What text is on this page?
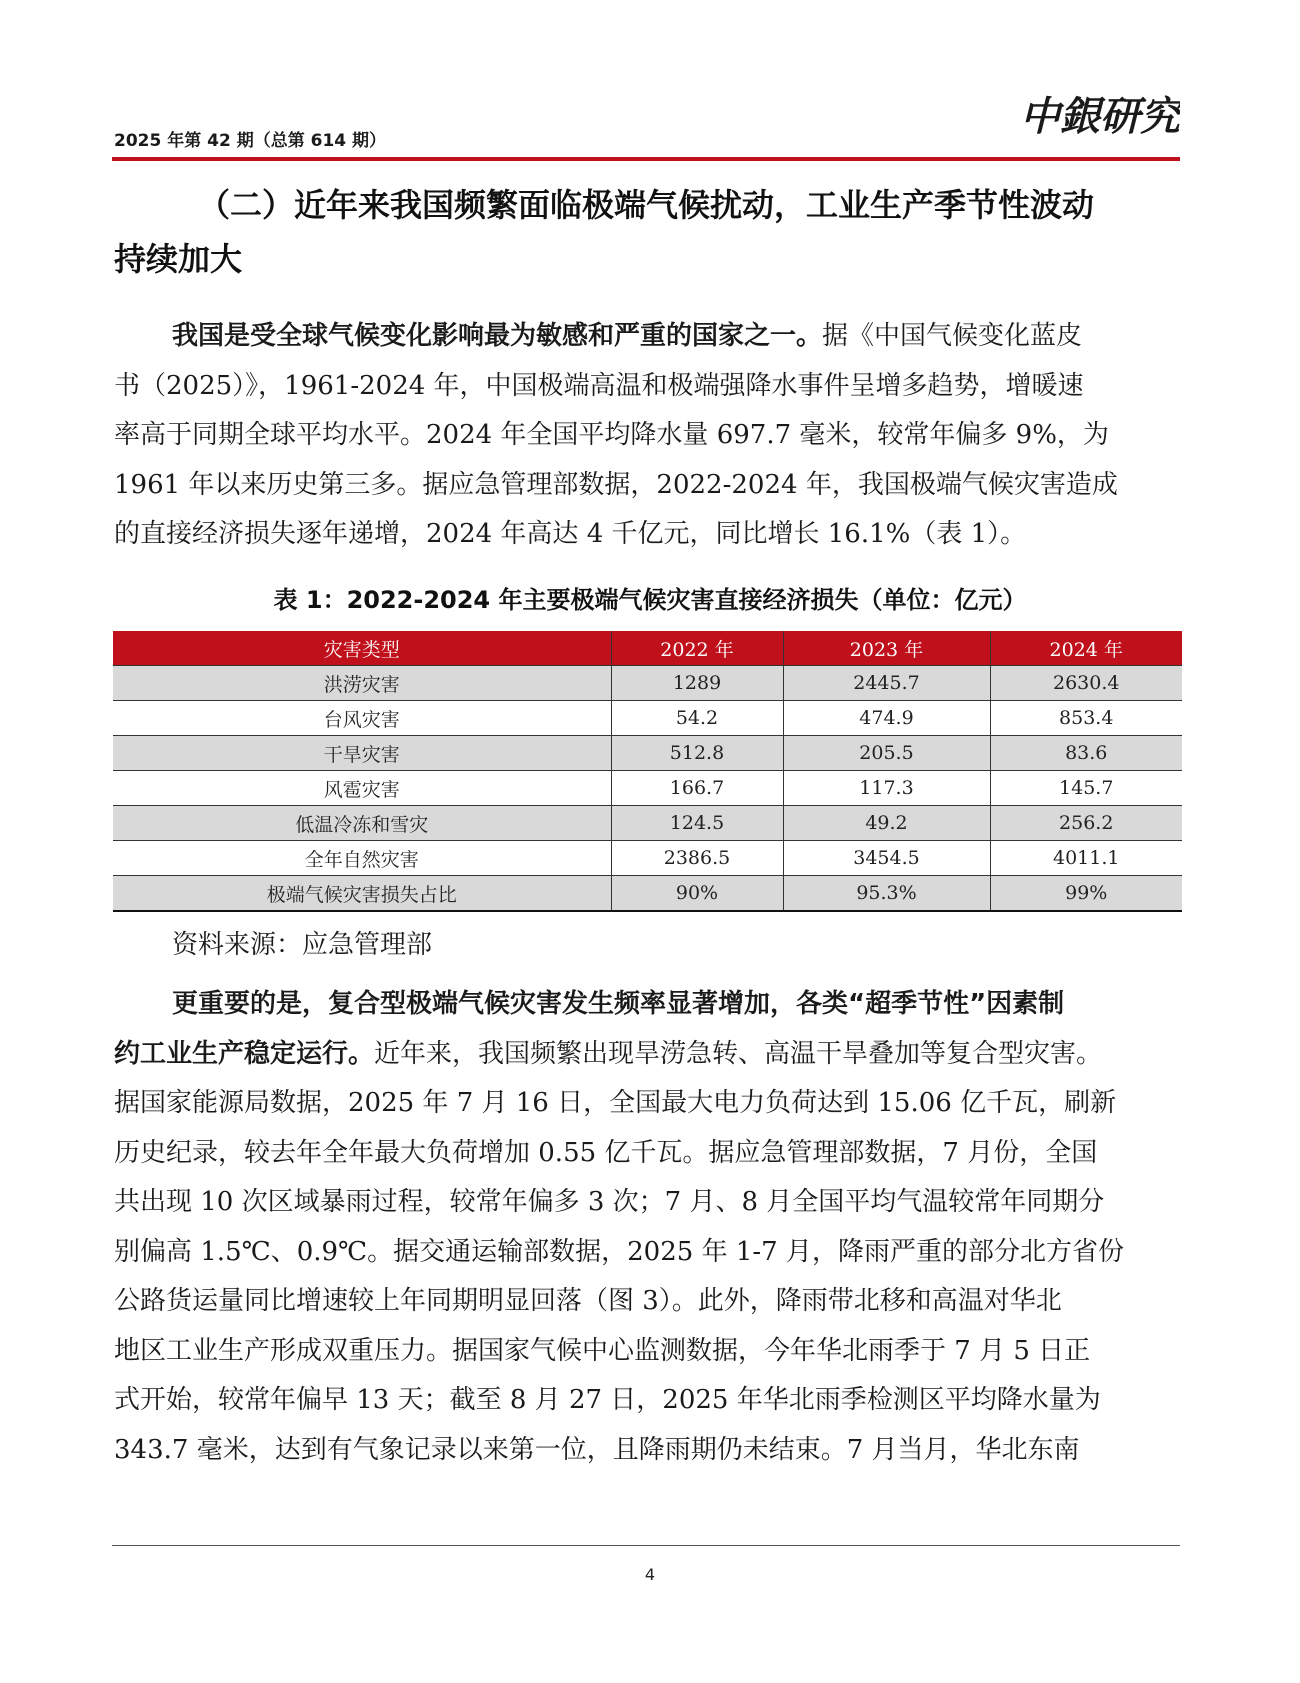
2025 年第 42 期（总第 614 期）
中銀研究
（二）近年来我国频繁面临极端气候扰动，工业生产季节性波动
持续加大

我国是受全球气候变化影响最为敏感和严重的国家之一。据《中国气候变化蓝皮
书（2025）》，1961-2024 年，中国极端高温和极端强降水事件呈增多趋势，增暖速
率高于同期全球平均水平。2024 年全国平均降水量 697.7 毫米，较常年偏多 9%，为
1961 年以来历史第三多。据应急管理部数据，2022-2024 年，我国极端气候灾害造成
的直接经济损失逐年递增，2024 年高达 4 千亿元，同比增长 16.1%（表 1）。

表 1：2022-2024 年主要极端气候灾害直接经济损失（单位：亿元）
灾害类型	2022 年	2023 年	2024 年
洪涝灾害	1289	2445.7	2630.4
台风灾害	54.2	474.9	853.4
干旱灾害	512.8	205.5	83.6
风雹灾害	166.7	117.3	145.7
低温冷冻和雪灾	124.5	49.2	256.2
全年自然灾害	2386.5	3454.5	4011.1
极端气候灾害损失占比	90%	95.3%	99%
资料来源：应急管理部

更重要的是，复合型极端气候灾害发生频率显著增加，各类“超季节性”因素制
约工业生产稳定运行。近年来，我国频繁出现旱涝急转、高温干旱叠加等复合型灾害。
据国家能源局数据，2025 年 7 月 16 日，全国最大电力负荷达到 15.06 亿千瓦，刷新
历史纪录，较去年全年最大负荷增加 0.55 亿千瓦。据应急管理部数据，7 月份，全国
共出现 10 次区域暴雨过程，较常年偏多 3 次；7 月、8 月全国平均气温较常年同期分
别偏高 1.5℃、0.9℃。据交通运输部数据，2025 年 1-7 月，降雨严重的部分北方省份
公路货运量同比增速较上年同期明显回落（图 3）。此外，降雨带北移和高温对华北
地区工业生产形成双重压力。据国家气候中心监测数据，今年华北雨季于 7 月 5 日正
式开始，较常年偏早 13 天；截至 8 月 27 日，2025 年华北雨季检测区平均降水量为
343.7 毫米，达到有气象记录以来第一位，且降雨期仍未结束。7 月当月，华北东南

4
